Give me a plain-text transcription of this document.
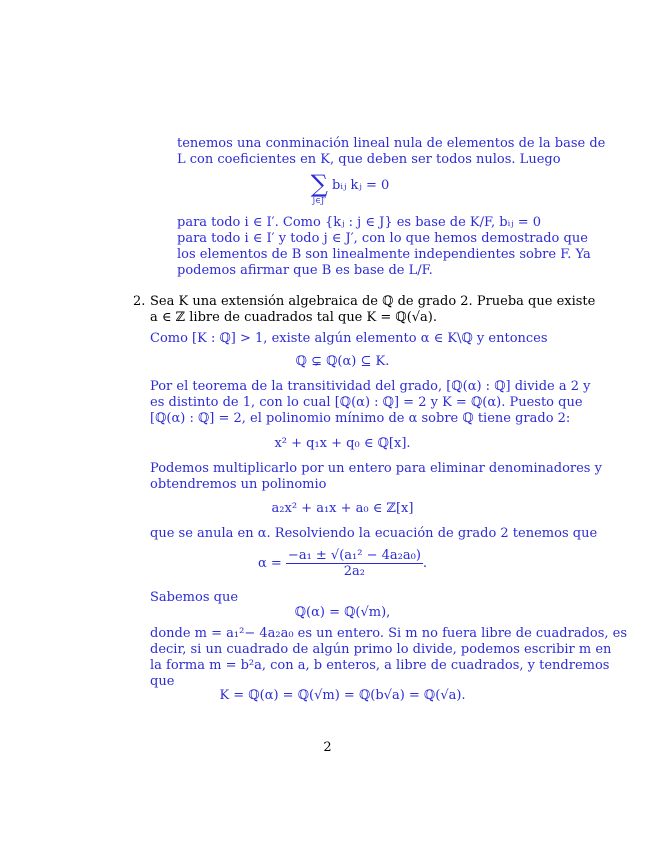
tenemos una conminación lineal nula de elementos de la base de
L con coeficientes en K, que deben ser todos nulos. Luego
∑
j∈J′
bᵢⱼ kⱼ = 0
para todo i ∈ I′. Como {kⱼ : j ∈ J} es base de K/F, bᵢⱼ = 0
para todo i ∈ I′ y todo j ∈ J′, con lo que hemos demostrado que
los elementos de B son linealmente independientes sobre F. Ya
podemos afirmar que B es base de L/F.
2. Sea K una extensión algebraica de ℚ de grado 2. Prueba que existe
a ∈ ℤ libre de cuadrados tal que K = ℚ(√a).
Como [K : ℚ] > 1, existe algún elemento α ∈ K\ℚ y entonces
ℚ ⊊ ℚ(α) ⊆ K.
Por el teorema de la transitividad del grado, [ℚ(α) : ℚ] divide a 2 y
es distinto de 1, con lo cual [ℚ(α) : ℚ] = 2 y K = ℚ(α). Puesto que
[ℚ(α) : ℚ] = 2, el polinomio mínimo de α sobre ℚ tiene grado 2:
x² + q₁x + q₀ ∈ ℚ[x].
Podemos multiplicarlo por un entero para eliminar denominadores y
obtendremos un polinomio
a₂x² + a₁x + a₀ ∈ ℤ[x]
que se anula en α. Resolviendo la ecuación de grado 2 tenemos que
$\alpha = \frac{\text{−a₁ ± √(a₁² − 4a₂a₀)}}{\text{2a₂}}$ .
Sabemos que
ℚ(α) = ℚ(√m),
donde m = a₁²− 4a₂a₀ es un entero. Si m no fuera libre de cuadrados, es
decir, si un cuadrado de algún primo lo divide, podemos escribir m en
la forma m = b²a, con a, b enteros, a libre de cuadrados, y tendremos
que
K = ℚ(α) = ℚ(√m) = ℚ(b√a) = ℚ(√a).
2
